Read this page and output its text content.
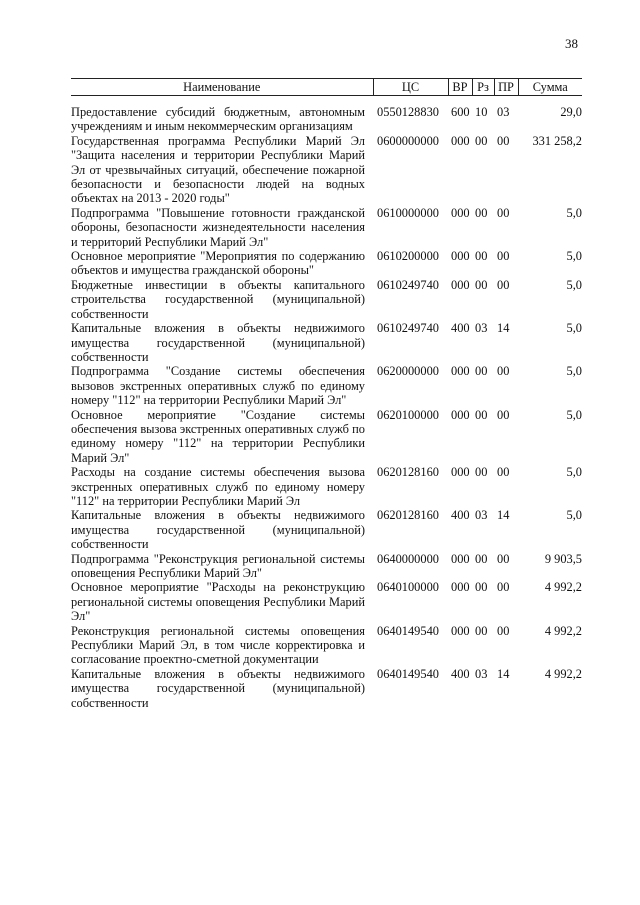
38
Наименование	ЦС	ВР	Рз	ПР	Сумма
Предоставление субсидий бюджетным, автономным учреждениям и иным некоммерческим организациям	0550128830	600	10	03	29,0
Государственная программа Республики Марий Эл "Защита населения и территории Республики Марий Эл от чрезвычайных ситуаций, обеспечение пожарной безопасности и безопасности людей на водных объектах на 2013 - 2020 годы"	0600000000	000	00	00	331 258,2
Подпрограмма "Повышение готовности гражданской обороны, безопасности жизнедеятельности населения и территорий Республики Марий Эл"	0610000000	000	00	00	5,0
Основное мероприятие "Мероприятия по содержанию объектов и имущества гражданской обороны"	0610200000	000	00	00	5,0
Бюджетные инвестиции в объекты капитального строительства государственной (муниципальной) собственности	0610249740	000	00	00	5,0
Капитальные вложения в объекты недвижимого имущества государственной (муниципальной) собственности	0610249740	400	03	14	5,0
Подпрограмма "Создание системы обеспечения вызовов экстренных оперативных служб по единому номеру "112" на территории Республики Марий Эл"	0620000000	000	00	00	5,0
Основное мероприятие "Создание системы обеспечения вызова экстренных оперативных служб по единому номеру "112" на территории Республики Марий Эл"	0620100000	000	00	00	5,0
Расходы на создание системы обеспечения вызова экстренных оперативных служб по единому номеру "112" на территории Республики Марий Эл	0620128160	000	00	00	5,0
Капитальные вложения в объекты недвижимого имущества государственной (муниципальной) собственности	0620128160	400	03	14	5,0
Подпрограмма "Реконструкция региональной системы оповещения Республики Марий Эл"	0640000000	000	00	00	9 903,5
Основное мероприятие "Расходы на реконструкцию региональной системы оповещения Республики Марий Эл"	0640100000	000	00	00	4 992,2
Реконструкция региональной системы оповещения Республики Марий Эл, в том числе корректировка и согласование проектно-сметной документации	0640149540	000	00	00	4 992,2
Капитальные вложения в объекты недвижимого имущества государственной (муниципальной) собственности	0640149540	400	03	14	4 992,2
